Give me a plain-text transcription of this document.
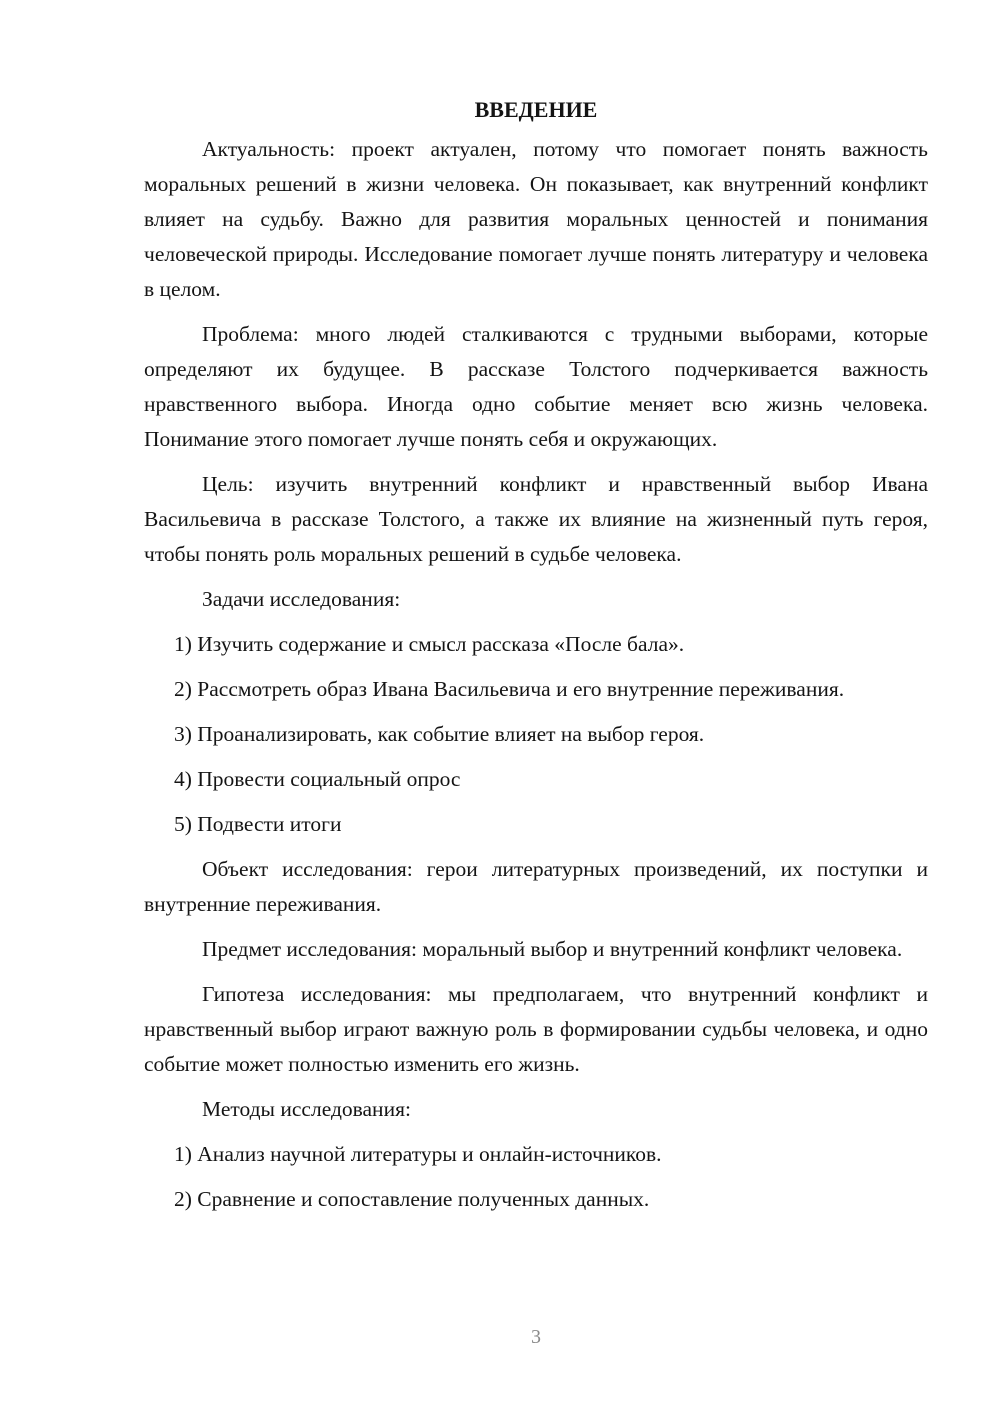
ВВЕДЕНИЕ

Актуальность: проект актуален, потому что помогает понять важность моральных решений в жизни человека. Он показывает, как внутренний конфликт влияет на судьбу. Важно для развития моральных ценностей и понимания человеческой природы. Исследование помогает лучше понять литературу и человека в целом.

Проблема: много людей сталкиваются с трудными выборами, которые определяют их будущее. В рассказе Толстого подчеркивается важность нравственного выбора. Иногда одно событие меняет всю жизнь человека. Понимание этого помогает лучше понять себя и окружающих.

Цель: изучить внутренний конфликт и нравственный выбор Ивана Васильевича в рассказе Толстого, а также их влияние на жизненный путь героя, чтобы понять роль моральных решений в судьбе человека.

Задачи исследования:

1) Изучить содержание и смысл рассказа «После бала».

2) Рассмотреть образ Ивана Васильевича и его внутренние переживания.

3) Проанализировать, как событие влияет на выбор героя.

4) Провести социальный опрос

5) Подвести итоги

Объект исследования: герои литературных произведений, их поступки и внутренние переживания.

Предмет исследования: моральный выбор и внутренний конфликт человека.

Гипотеза исследования: мы предполагаем, что внутренний конфликт и нравственный выбор играют важную роль в формировании судьбы человека, и одно событие может полностью изменить его жизнь.

Методы исследования:

1) Анализ научной литературы и онлайн-источников.

2) Сравнение и сопоставление полученных данных.

3
